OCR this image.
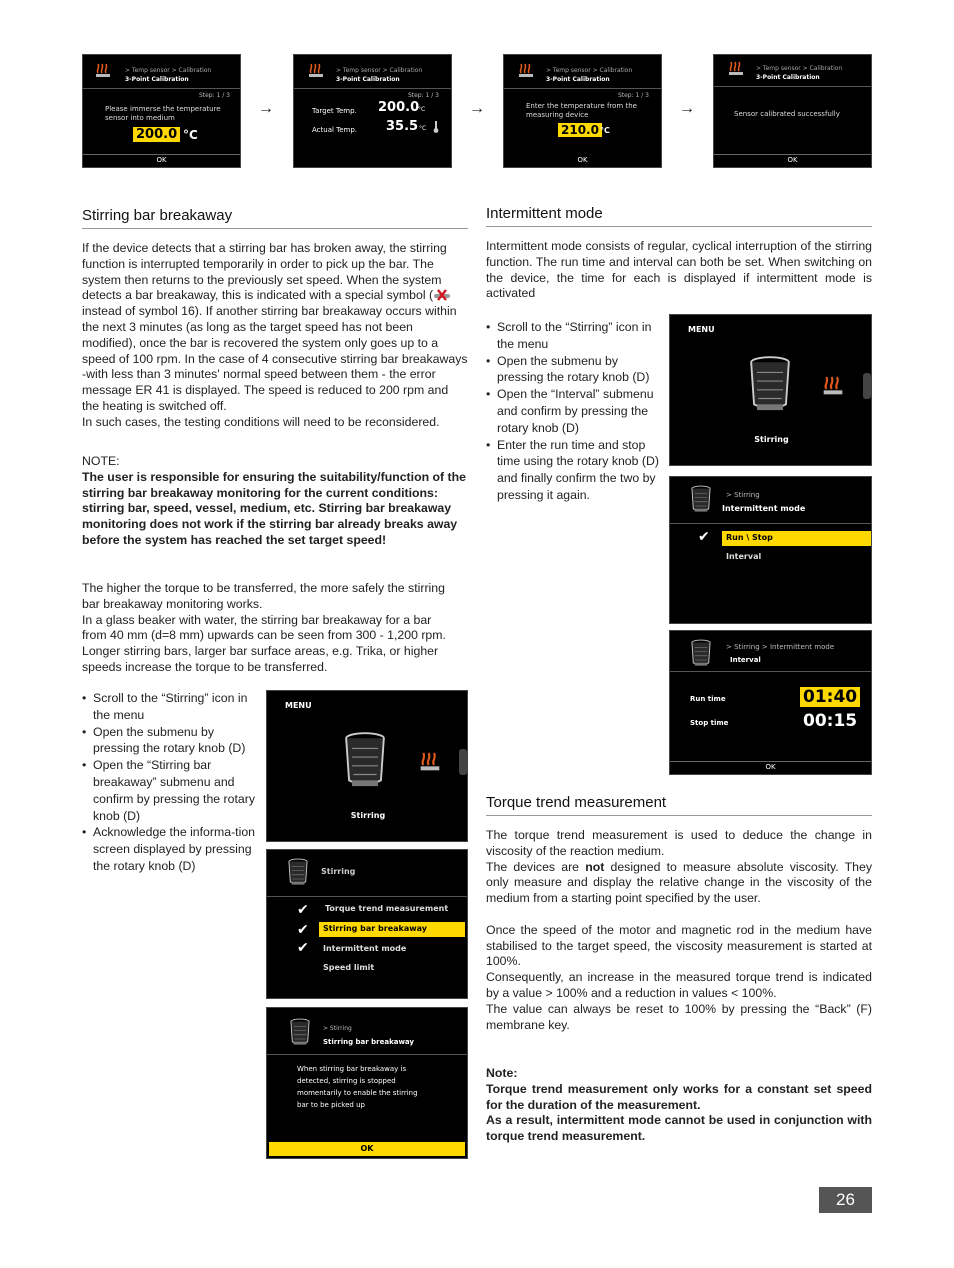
> Temp sensor > Calibration
3-Point Calibration
Step: 1 / 3
Please immerse the temperature
sensor into medium
200.0 °C
OK
→
> Temp sensor > Calibration
3-Point Calibration
Step: 1 / 3
Target Temp. 200.0
°C
Actual Temp. 35.5 °C
→
> Temp sensor > Calibration
3-Point Calibration
Step: 1 / 3
Enter the temperature from the
measuring device
210.0 °C
OK
→
> Temp sensor > Calibration
3-Point Calibration
Sensor calibrated successfully
OK
Stirring bar breakaway

If the device detects that a stirring bar has broken away, the stirring function is interrupted temporarily in order to pick up the bar. The system then returns to the previously set speed. When the system detects a bar breakaway, this is indicated with a special symbol ( instead of symbol 16). If another stirring bar breakaway occurs within the next 3 minutes (as long as the target speed has not been modified), once the bar is recovered the system only goes up to a speed of 100 rpm. In the case of 4 consecutive stirring bar breakaways -with less than 3 minutes' normal speed between them - the error message ER 41 is displayed. The speed is reduced to 200 rpm and the heating is switched off.

In such cases, the testing conditions will need to be reconsidered.

NOTE:

The user is responsible for ensuring the suitability/function of the stirring bar breakaway monitoring for the current conditions: stirring bar, speed, vessel, medium, etc. Stirring bar breakaway monitoring does not work if the stirring bar already breaks away before the system has reached the set target speed!

The higher the torque to be transferred, the more safely the stirring bar breakaway monitoring works.

In a glass beaker with water, the stirring bar breakaway for a bar from 40 mm (d=8 mm) upwards can be seen from 300 - 1,200 rpm. Longer stirring bars, larger bar surface areas, e.g. Trika, or higher speeds increase the torque to be transferred.

• Scroll to the “Stirring” icon in the menu
• Open the submenu by pressing the rotary knob (D)
• Open the “Stirring bar breakaway” submenu and confirm by pressing the rotary knob (D)
• Acknowledge the informa-tion screen displayed by pressing the rotary knob (D)
MENU
Stirring
Stirring
✔ Torque trend measurement
✔	Stirring bar breakaway
✔ Intermittent mode
Speed limit
> Stirring
Stirring bar breakaway
When stirring bar breakaway is
detected, stirring is stopped
momentarily to enable the stirring
bar to be picked up
OK
Intermittent mode

Intermittent mode consists of regular, cyclical interruption of the stirring function. The run time and interval can both be set. When switching on the device, the time for each is displayed if intermittent mode is activated

• Scroll to the “Stirring” icon in the menu
• Open the submenu by pressing the rotary knob (D)
• Open the “Interval” submenu and confirm by pressing the rotary knob (D)
• Enter the run time and stop time using the rotary knob (D) and finally confirm the two by pressing it again.
MENU
Stirring
> Stirring
Intermittent mode
✔	Run \ Stop
Interval
> Stirring > Intermittent mode
Interval
Run time	01:40
Stop time	00:15
OK
Torque trend measurement

The torque trend measurement is used to deduce the change in viscosity of the reaction medium.

The devices are not designed to measure absolute viscosity. They only measure and display the relative change in the viscosity of the medium from a starting point specified by the user.

Once the speed of the motor and magnetic rod in the medium have stabilised to the target speed, the viscosity measurement is started at 100%.

Consequently, an increase in the measured torque trend is indicated by a value > 100% and a reduction in values < 100%.

The value can always be reset to 100% by pressing the “Back” (F) membrane key.

Note:

Torque trend measurement only works for a constant set speed for the duration of the measurement.

As a result, intermittent mode cannot be used in conjunction with torque trend measurement.

26
